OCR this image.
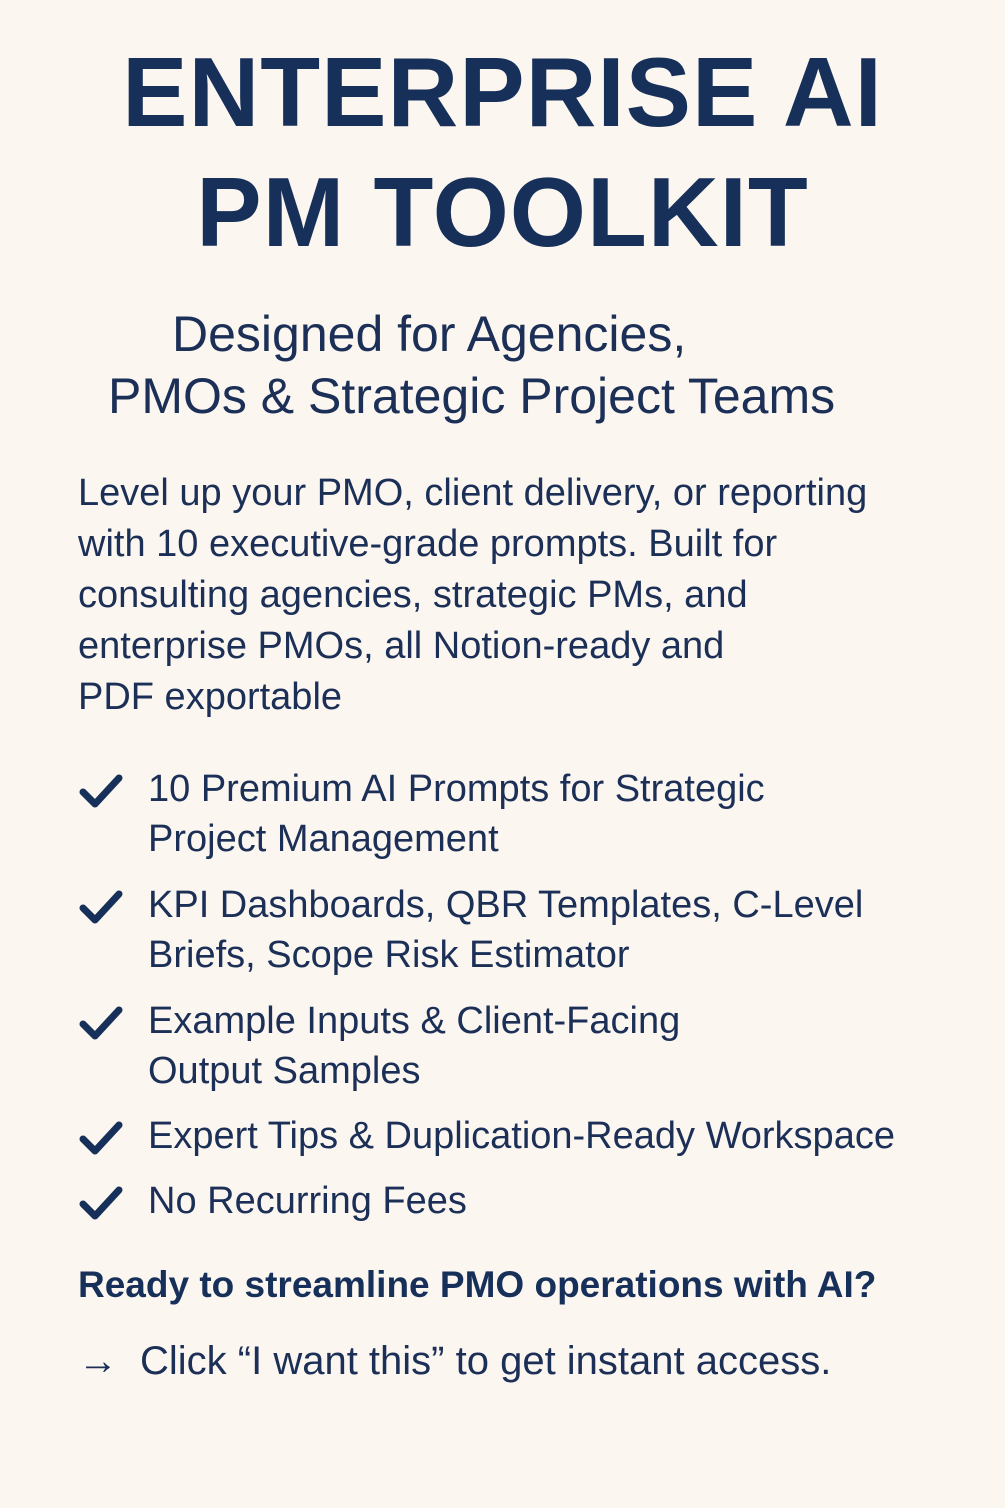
ENTERPRISE AI
PM TOOLKIT
Designed for Agencies,
PMOs & Strategic Project Teams
Level up your PMO, client delivery, or reporting
with 10 executive-grade prompts. Built for
consulting agencies, strategic PMs, and
enterprise PMOs, all Notion-ready and
PDF exportable
10 Premium AI Prompts for Strategic
Project Management
KPI Dashboards, QBR Templates, C-Level
Briefs, Scope Risk Estimator
Example Inputs & Client-Facing
Output Samples
Expert Tips & Duplication-Ready Workspace
No Recurring Fees
Ready to streamline PMO operations with AI?
→ Click “I want this” to get instant access.
